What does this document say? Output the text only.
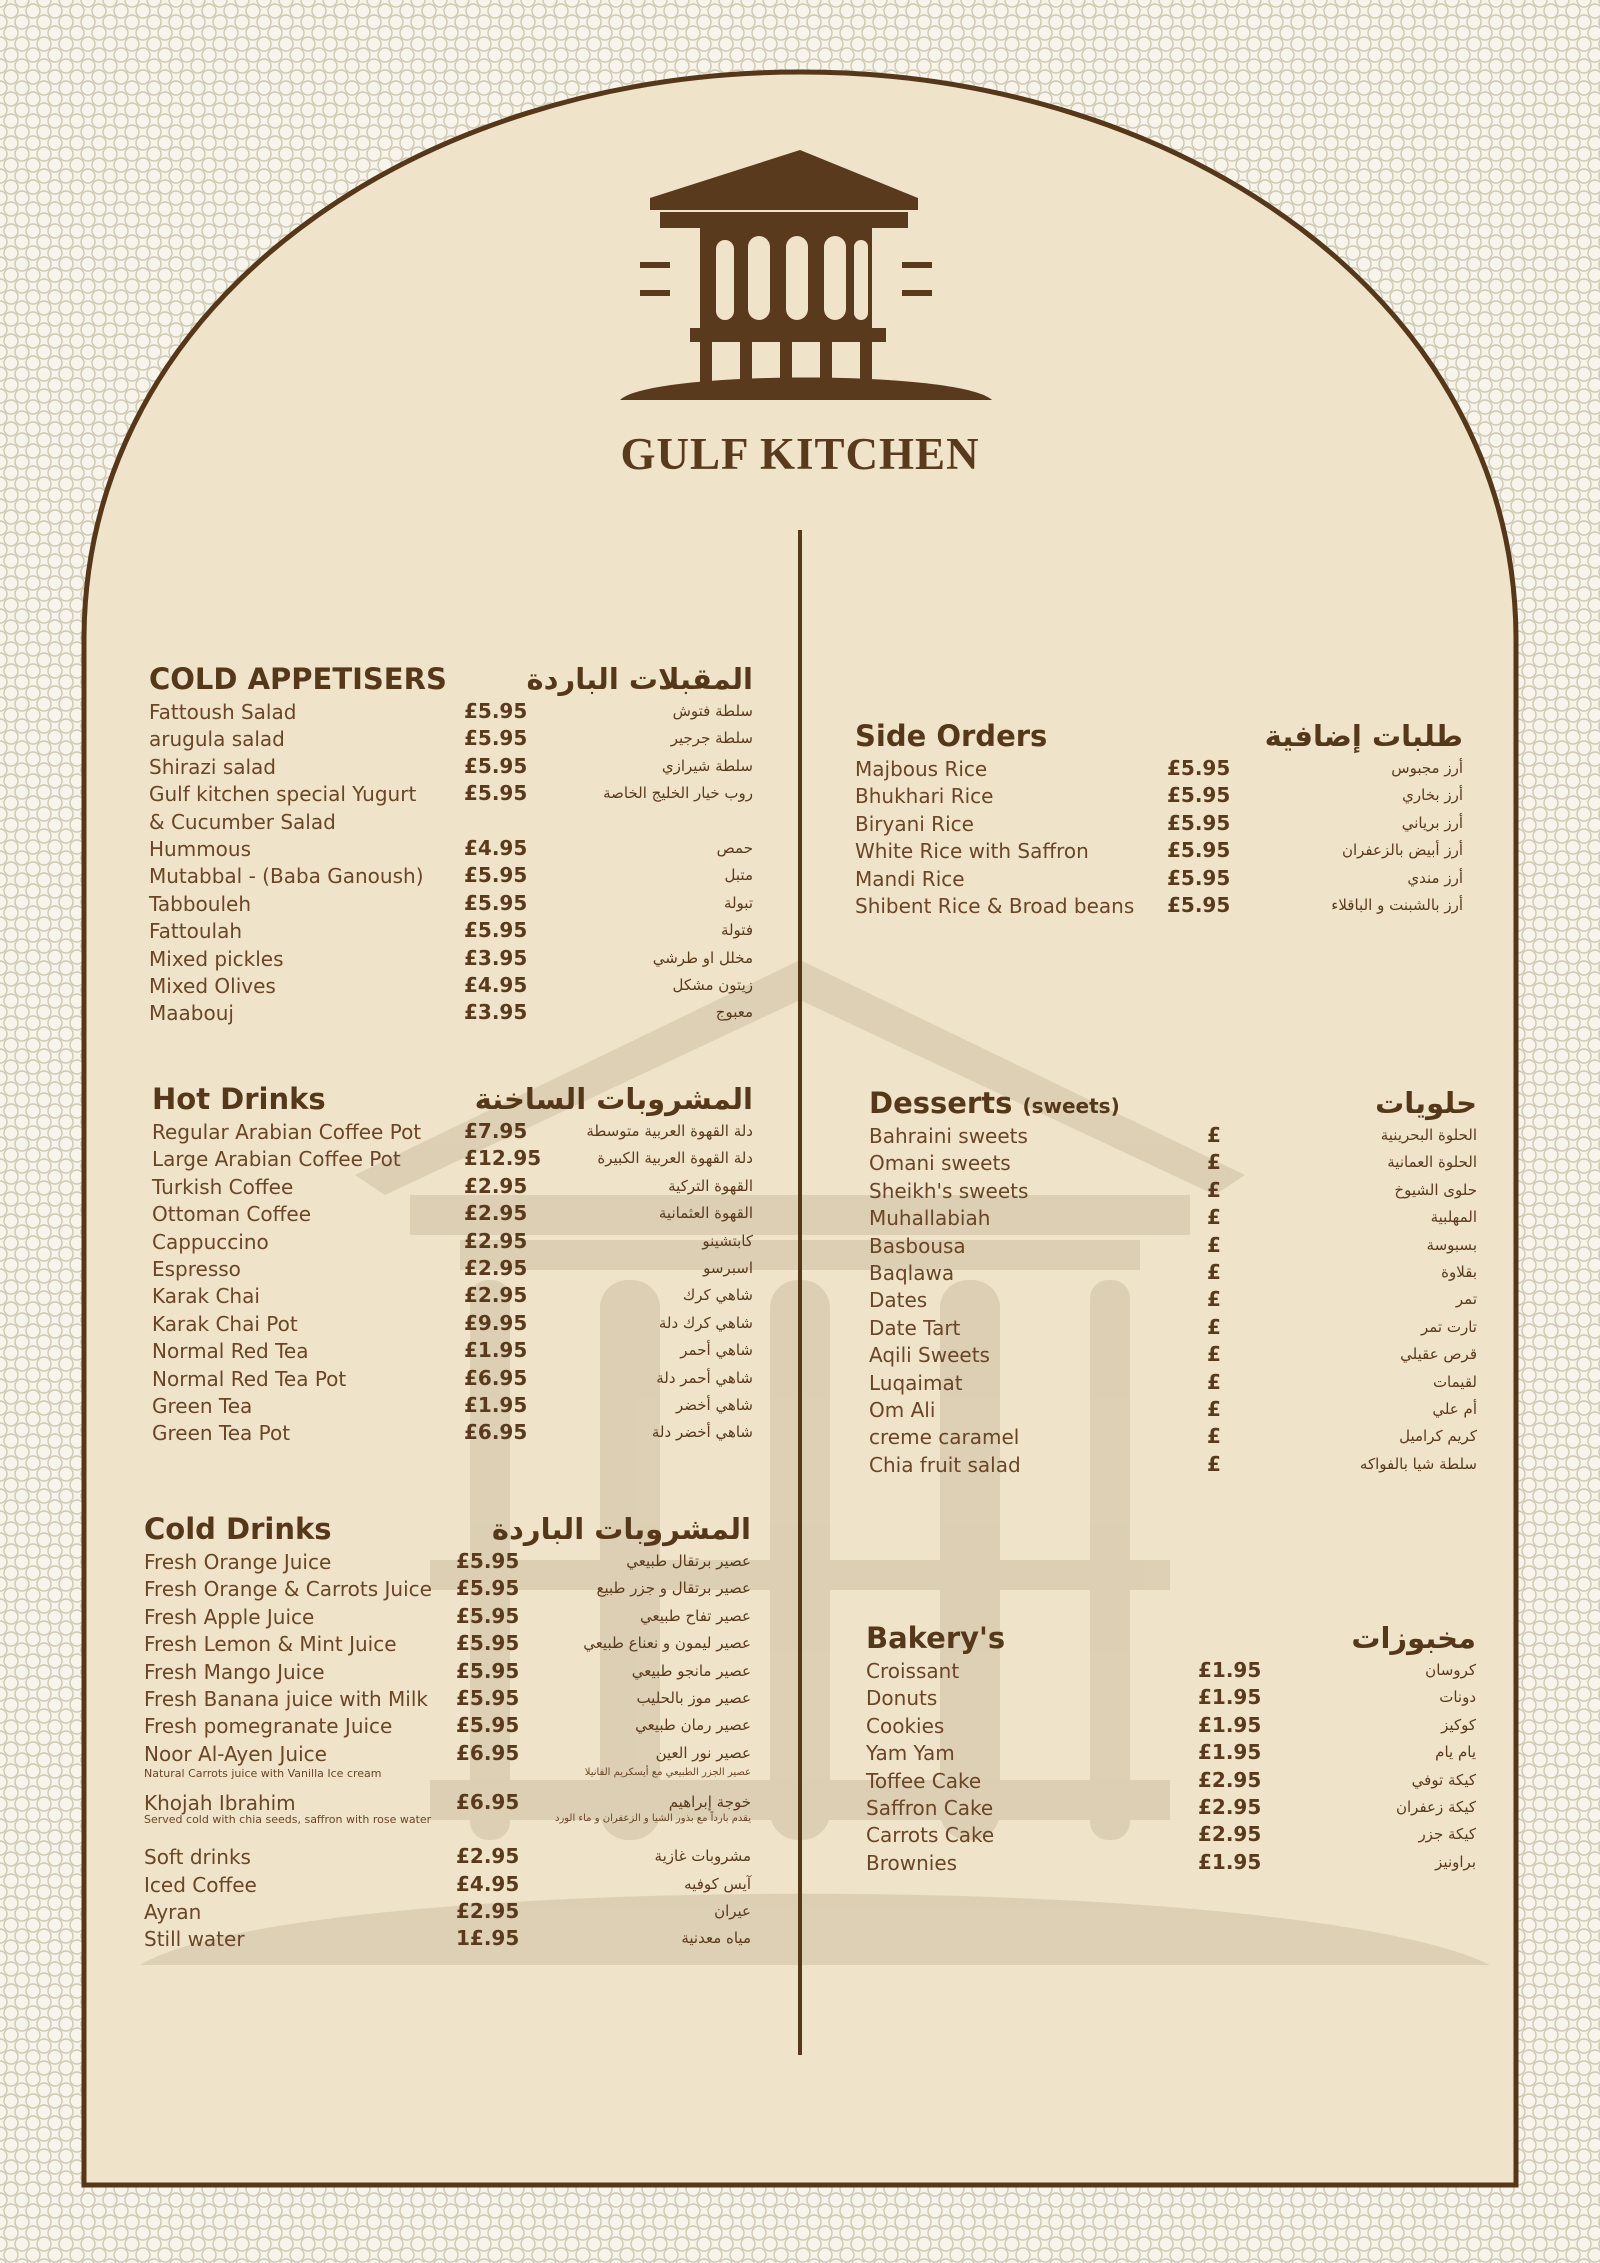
GULF KITCHEN
COLD APPETISERS	المقبلات الباردة
Fattoush Salad	£5.95	سلطة فتوش
arugula salad	£5.95	سلطة جرجير
Shirazi salad	£5.95	سلطة شيرازي
Gulf kitchen special Yugurt £5.95	روب خيار الخليج الخاصة
& Cucumber Salad
Hummous	£4.95	حمص
Mutabbal - (Baba Ganoush) £5.95	متبل
Tabbouleh	£5.95	تبولة
Fattoulah	£5.95	فتولة
Mixed pickles	£3.95	مخلل او طرشي
Mixed Olives	£4.95	زيتون مشكل
Maabouj	£3.95	معبوج
Hot Drinks	المشروبات الساخنة
Regular Arabian Coffee Pot £7.95	دلة القهوة العربية متوسطة
Large Arabian Coffee Pot	£12.95	دلة القهوة العربية الكبيرة
Turkish Coffee	£2.95	القهوة التركية
Ottoman Coffee	£2.95	القهوة العثمانية
Cappuccino	£2.95	كابتشينو
Espresso	£2.95	اسبرسو
Karak Chai	£2.95	شاهي كرك
Karak Chai Pot	£9.95	شاهي كرك دلة
Normal Red Tea	£1.95	شاهي أحمر
Normal Red Tea Pot	£6.95	شاهي أحمر دلة
Green Tea	£1.95	شاهي أخضر
Green Tea Pot	£6.95	شاهي أخضر دلة
Cold Drinks	المشروبات الباردة
Fresh Orange Juice	£5.95	عصير برتقال طبيعي
Fresh Orange & Carrots Juice £5.95	عصير برتقال و جزر طبيع
Fresh Apple Juice	£5.95	عصير تفاح طبيعي
Fresh Lemon & Mint Juice	£5.95	عصير ليمون و نعناع طبيعي
Fresh Mango Juice	£5.95	عصير مانجو طبيعي
Fresh Banana juice with Milk £5.95	عصير موز بالحليب
Fresh pomegranate Juice	£5.95	عصير رمان طبيعي
Noor Al-Ayen Juice	£6.95	عصير نور العين
Natural Carrots juice with Vanilla Ice cream	عصير الجزر الطبيعي مع أيسكريم الفانيلا
Khojah Ibrahim	£6.95	خوجة إبراهيم
Served cold with chia seeds, saffron with rose water	يقدم بارداً مع بذور الشيا و الزعفران و ماء الورد
Soft drinks	£2.95	مشروبات غازية
Iced Coffee	£4.95	آيس كوفيه
Ayran	£2.95	عيران
Still water	1£.95	مياه معدنية
Side Orders	طلبات إضافية
Majbous Rice	£5.95	أرز مجبوس
Bhukhari Rice	£5.95	أرز بخاري
Biryani Rice	£5.95	أرز برياني
White Rice with Saffron	£5.95	أرز أبيض بالزعفران
Mandi Rice	£5.95	أرز مندي
Shibent Rice & Broad beans £5.95	أرز بالشبنت و الباقلاء
Desserts (sweets)	حلويات
Bahraini sweets	£	الحلوة البحرينية
Omani sweets	£	الحلوة العمانية
Sheikh's sweets	£	حلوى الشيوخ
Muhallabiah	£	المهلبية
Basbousa	£	بسبوسة
Baqlawa	£	بقلاوة
Dates	£	تمر
Date Tart	£	تارت تمر
Aqili Sweets	£	قرص عقيلي
Luqaimat	£	لقيمات
Om Ali	£	أم علي
creme caramel	£	كريم كراميل
Chia fruit salad	£	سلطة شيا بالفواكه
Bakery's	مخبوزات
Croissant	£1.95	كروسان
Donuts	£1.95	دونات
Cookies	£1.95	كوكيز
Yam Yam	£1.95	يام يام
Toffee Cake	£2.95	كيكة توفي
Saffron Cake	£2.95	كيكة زعفران
Carrots Cake	£2.95	كيكة جزر
Brownies	£1.95	براونيز
